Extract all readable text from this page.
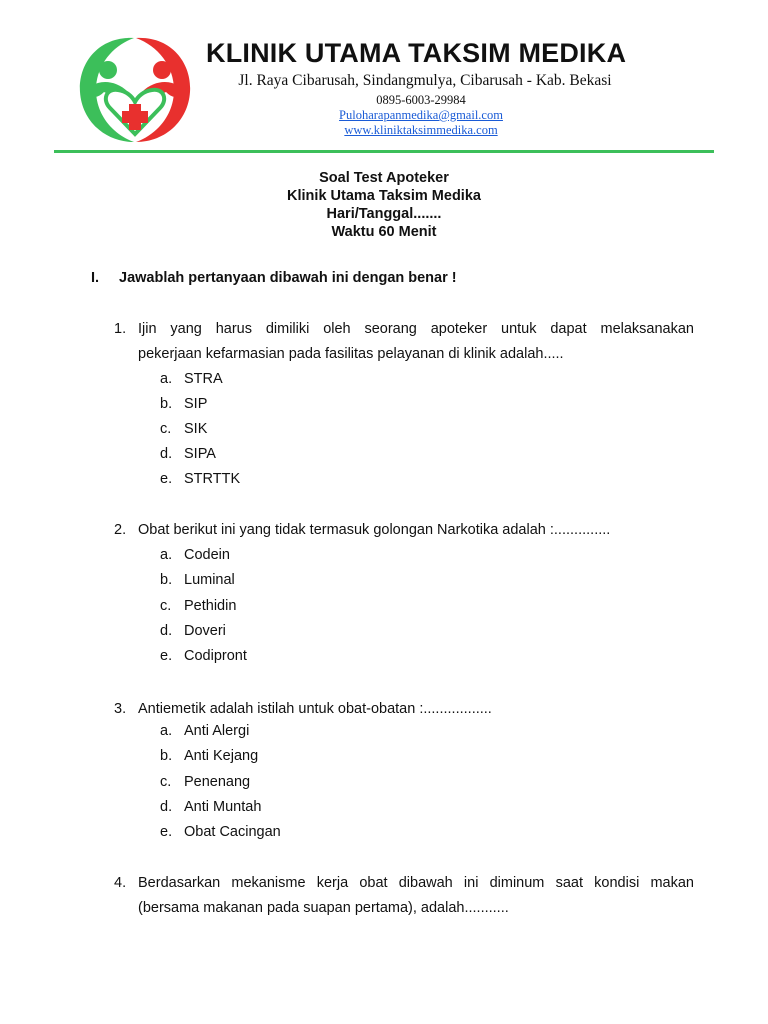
KLINIK UTAMA TAKSIM MEDIKA
Jl. Raya Cibarusah, Sindangmulya, Cibarusah - Kab. Bekasi
0895-6003-29984
Puloharapanmedika@gmail.com
www.kliniktaksimmedika.com
Soal Test Apoteker
Klinik Utama Taksim Medika
Hari/Tanggal.......
Waktu 60 Menit
I. Jawablah pertanyaan dibawah ini dengan benar !
1. Ijin yang harus dimiliki oleh seorang apoteker untuk dapat melaksanakan
pekerjaan kefarmasian pada fasilitas pelayanan di klinik adalah.....
a. STRA
b. SIP
c. SIK
d. SIPA
e. STRTTK
2. Obat berikut ini yang tidak termasuk golongan Narkotika adalah :..............
a. Codein
b. Luminal
c. Pethidin
d. Doveri
e. Codipront
3. Antiemetik adalah istilah untuk obat-obatan :.................
a. Anti Alergi
b. Anti Kejang
c. Penenang
d. Anti Muntah
e. Obat Cacingan
4. Berdasarkan mekanisme kerja obat dibawah ini diminum saat kondisi makan
(bersama makanan pada suapan pertama), adalah...........
